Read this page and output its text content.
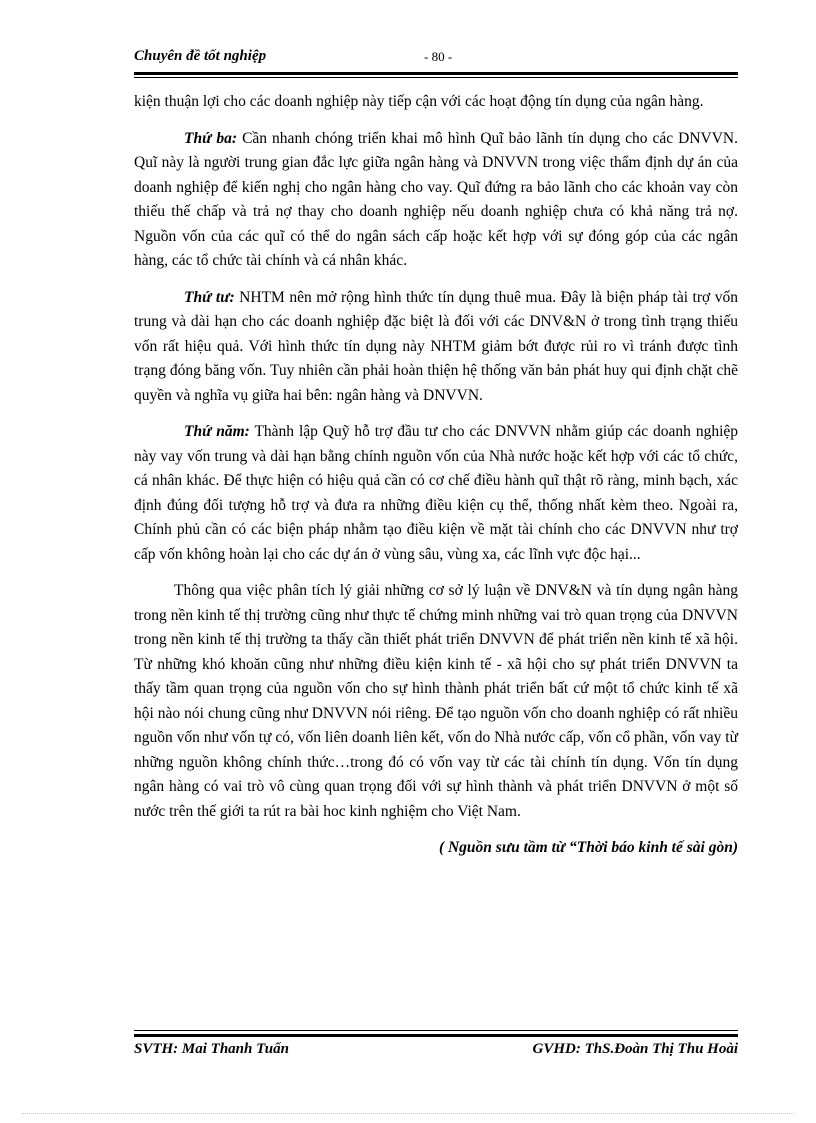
Chuyên đề tốt nghiệp	- 80 -

kiện thuận lợi cho các doanh nghiệp này tiếp cận với các hoạt động tín dụng của ngân hàng.

Thứ ba: Cần nhanh chóng triển khai mô hình Quĩ bảo lãnh tín dụng cho các DNVVN. Quĩ này là người trung gian đắc lực giữa ngân hàng và DNVVN trong việc thẩm định dự án của doanh nghiệp để kiến nghị cho ngân hàng cho vay. Quĩ đứng ra bảo lãnh cho các khoản vay còn thiếu thế chấp và trả nợ thay cho doanh nghiệp nếu doanh nghiệp chưa có khả năng trả nợ. Nguồn vốn của các quĩ có thể do ngân sách cấp hoặc kết hợp với sự đóng góp của các ngân hàng, các tổ chức tài chính và cá nhân khác.

Thứ tư: NHTM nên mở rộng hình thức tín dụng thuê mua. Đây là biện pháp tài trợ vốn trung và dài hạn cho các doanh nghiệp đặc biệt là đối với các DNV&N ở trong tình trạng thiếu vốn rất hiệu quả. Với hình thức tín dụng này NHTM giảm bớt được rủi ro vì tránh được tình trạng đóng băng vốn. Tuy nhiên cần phải hoàn thiện hệ thống văn bản phát huy qui định chặt chẽ quyền và nghĩa vụ giữa hai bên: ngân hàng và DNVVN.

Thứ năm: Thành lập Quỹ hỗ trợ đầu tư cho các DNVVN nhằm giúp các doanh nghiệp này vay vốn trung và dài hạn bằng chính nguồn vốn của Nhà nước hoặc kết hợp với các tổ chức, cá nhân khác. Để thực hiện có hiệu quả cần có cơ chế điều hành quĩ thật rõ ràng, minh bạch, xác định đúng đối tượng hỗ trợ và đưa ra những điều kiện cụ thể, thống nhất kèm theo. Ngoài ra, Chính phủ cần có các biện pháp nhằm tạo điều kiện về mặt tài chính cho các DNVVN như trợ cấp vốn không hoàn lại cho các dự án ở vùng sâu, vùng xa, các lĩnh vực độc hại...

Thông qua việc phân tích lý giải những cơ sở lý luận về DNV&N và tín dụng ngân hàng trong nền kinh tế thị trường cũng như thực tế chứng minh những vai trò quan trọng của DNVVN trong nền kinh tế thị trường ta thấy cần thiết phát triển DNVVN để phát triển nền kinh tế xã hội. Từ những khó khoăn cũng như những điều kiện kinh tế - xã hội cho sự phát triển DNVVN ta thấy tầm quan trọng của nguồn vốn cho sự hình thành phát triển bất cứ một tổ chức kinh tế xã hội nào nói chung cũng như DNVVN nói riêng. Để tạo nguồn vốn cho doanh nghiệp có rất nhiều nguồn vốn như vốn tự có, vốn liên doanh liên kết, vốn do Nhà nước cấp, vốn cổ phần, vốn vay từ những nguồn không chính thức…trong đó có vốn vay từ các tài chính tín dụng. Vốn tín dụng ngân hàng có vai trò vô cùng quan trọng đối với sự hình thành và phát triển DNVVN ở một số nước trên thế giới ta rút ra bài hoc kinh nghiệm cho Việt Nam.

( Nguồn sưu tầm từ “Thời báo kinh tế sài gòn)

SVTH: Mai Thanh Tuấn	GVHD: ThS.Đoàn Thị Thu Hoài
